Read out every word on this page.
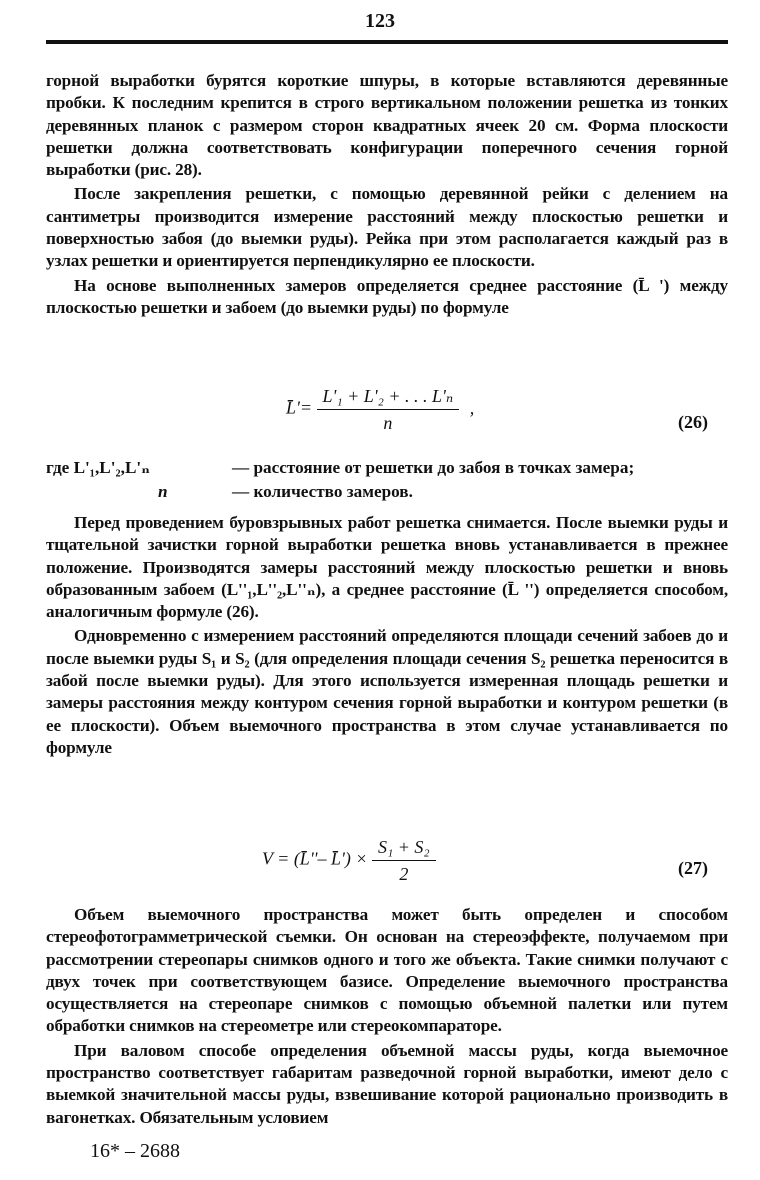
123

горной выработки бурятся короткие шпуры, в которые вставляются деревянные пробки. К последним крепится в строго вертикальном положении решетка из тонких деревянных планок с размером сторон квадратных ячеек 20 см. Форма плоскости решетки должна соответствовать конфигурации поперечного сечения горной выработки (рис. 28).

После закрепления решетки, с помощью деревянной рейки с делением на сантиметры производится измерение расстояний между плоскостью решетки и поверхностью забоя (до выемки руды). Рейка при этом располагается каждый раз в узлах решетки и ориентируется перпендикулярно ее плоскости.

На основе выполненных замеров определяется среднее расстояние (L̄ ') между плоскостью решетки и забоем (до выемки руды) по формуле

L̄'= $\frac{\text{L'₁ + L'₂ + . . . L'ₙ}}{n}$ ,
(26)
где L'₁,L'₂,L'ₙ	— расстояние от решетки до забоя в точках замера;
n	— количество замеров.

Перед проведением буровзрывных работ решетка снимается. После выемки руды и тщательной зачистки горной выработки решетка вновь устанавливается в прежнее положение. Производятся замеры расстояний между плоскостью решетки и вновь образованным забоем (L''₁,L''₂,L''ₙ), а среднее расстояние (L̄ '') определяется способом, аналогичным формуле (26).

Одновременно с измерением расстояний определяются площади сечений забоев до и после выемки руды S₁ и S₂ (для определения площади сечения S₂ решетка переносится в забой после выемки руды). Для этого используется измеренная площадь решетки и замеры расстояния между контуром сечения горной выработки и контуром решетки (в ее плоскости). Объем выемочного пространства в этом случае устанавливается по формуле

V = (L̄''– L̄') × $\frac{\text{S₁ + S₂}}{2}$	(27)

Объем выемочного пространства может быть определен и способом стереофотограмметрической съемки. Он основан на стереоэффекте, получаемом при рассмотрении стереопары снимков одного и того же объекта. Такие снимки получают с двух точек при соответствующем базисе. Определение выемочного пространства осуществляется на стереопаре снимков с помощью объемной палетки или путем обработки снимков на стереометре или стереокомпараторе.

При валовом способе определения объемной массы руды, когда выемочное пространство соответствует габаритам разведочной горной выработки, имеют дело с выемкой значительной массы руды, взвешивание которой рационально производить в вагонетках. Обязательным условием

16* – 2688
